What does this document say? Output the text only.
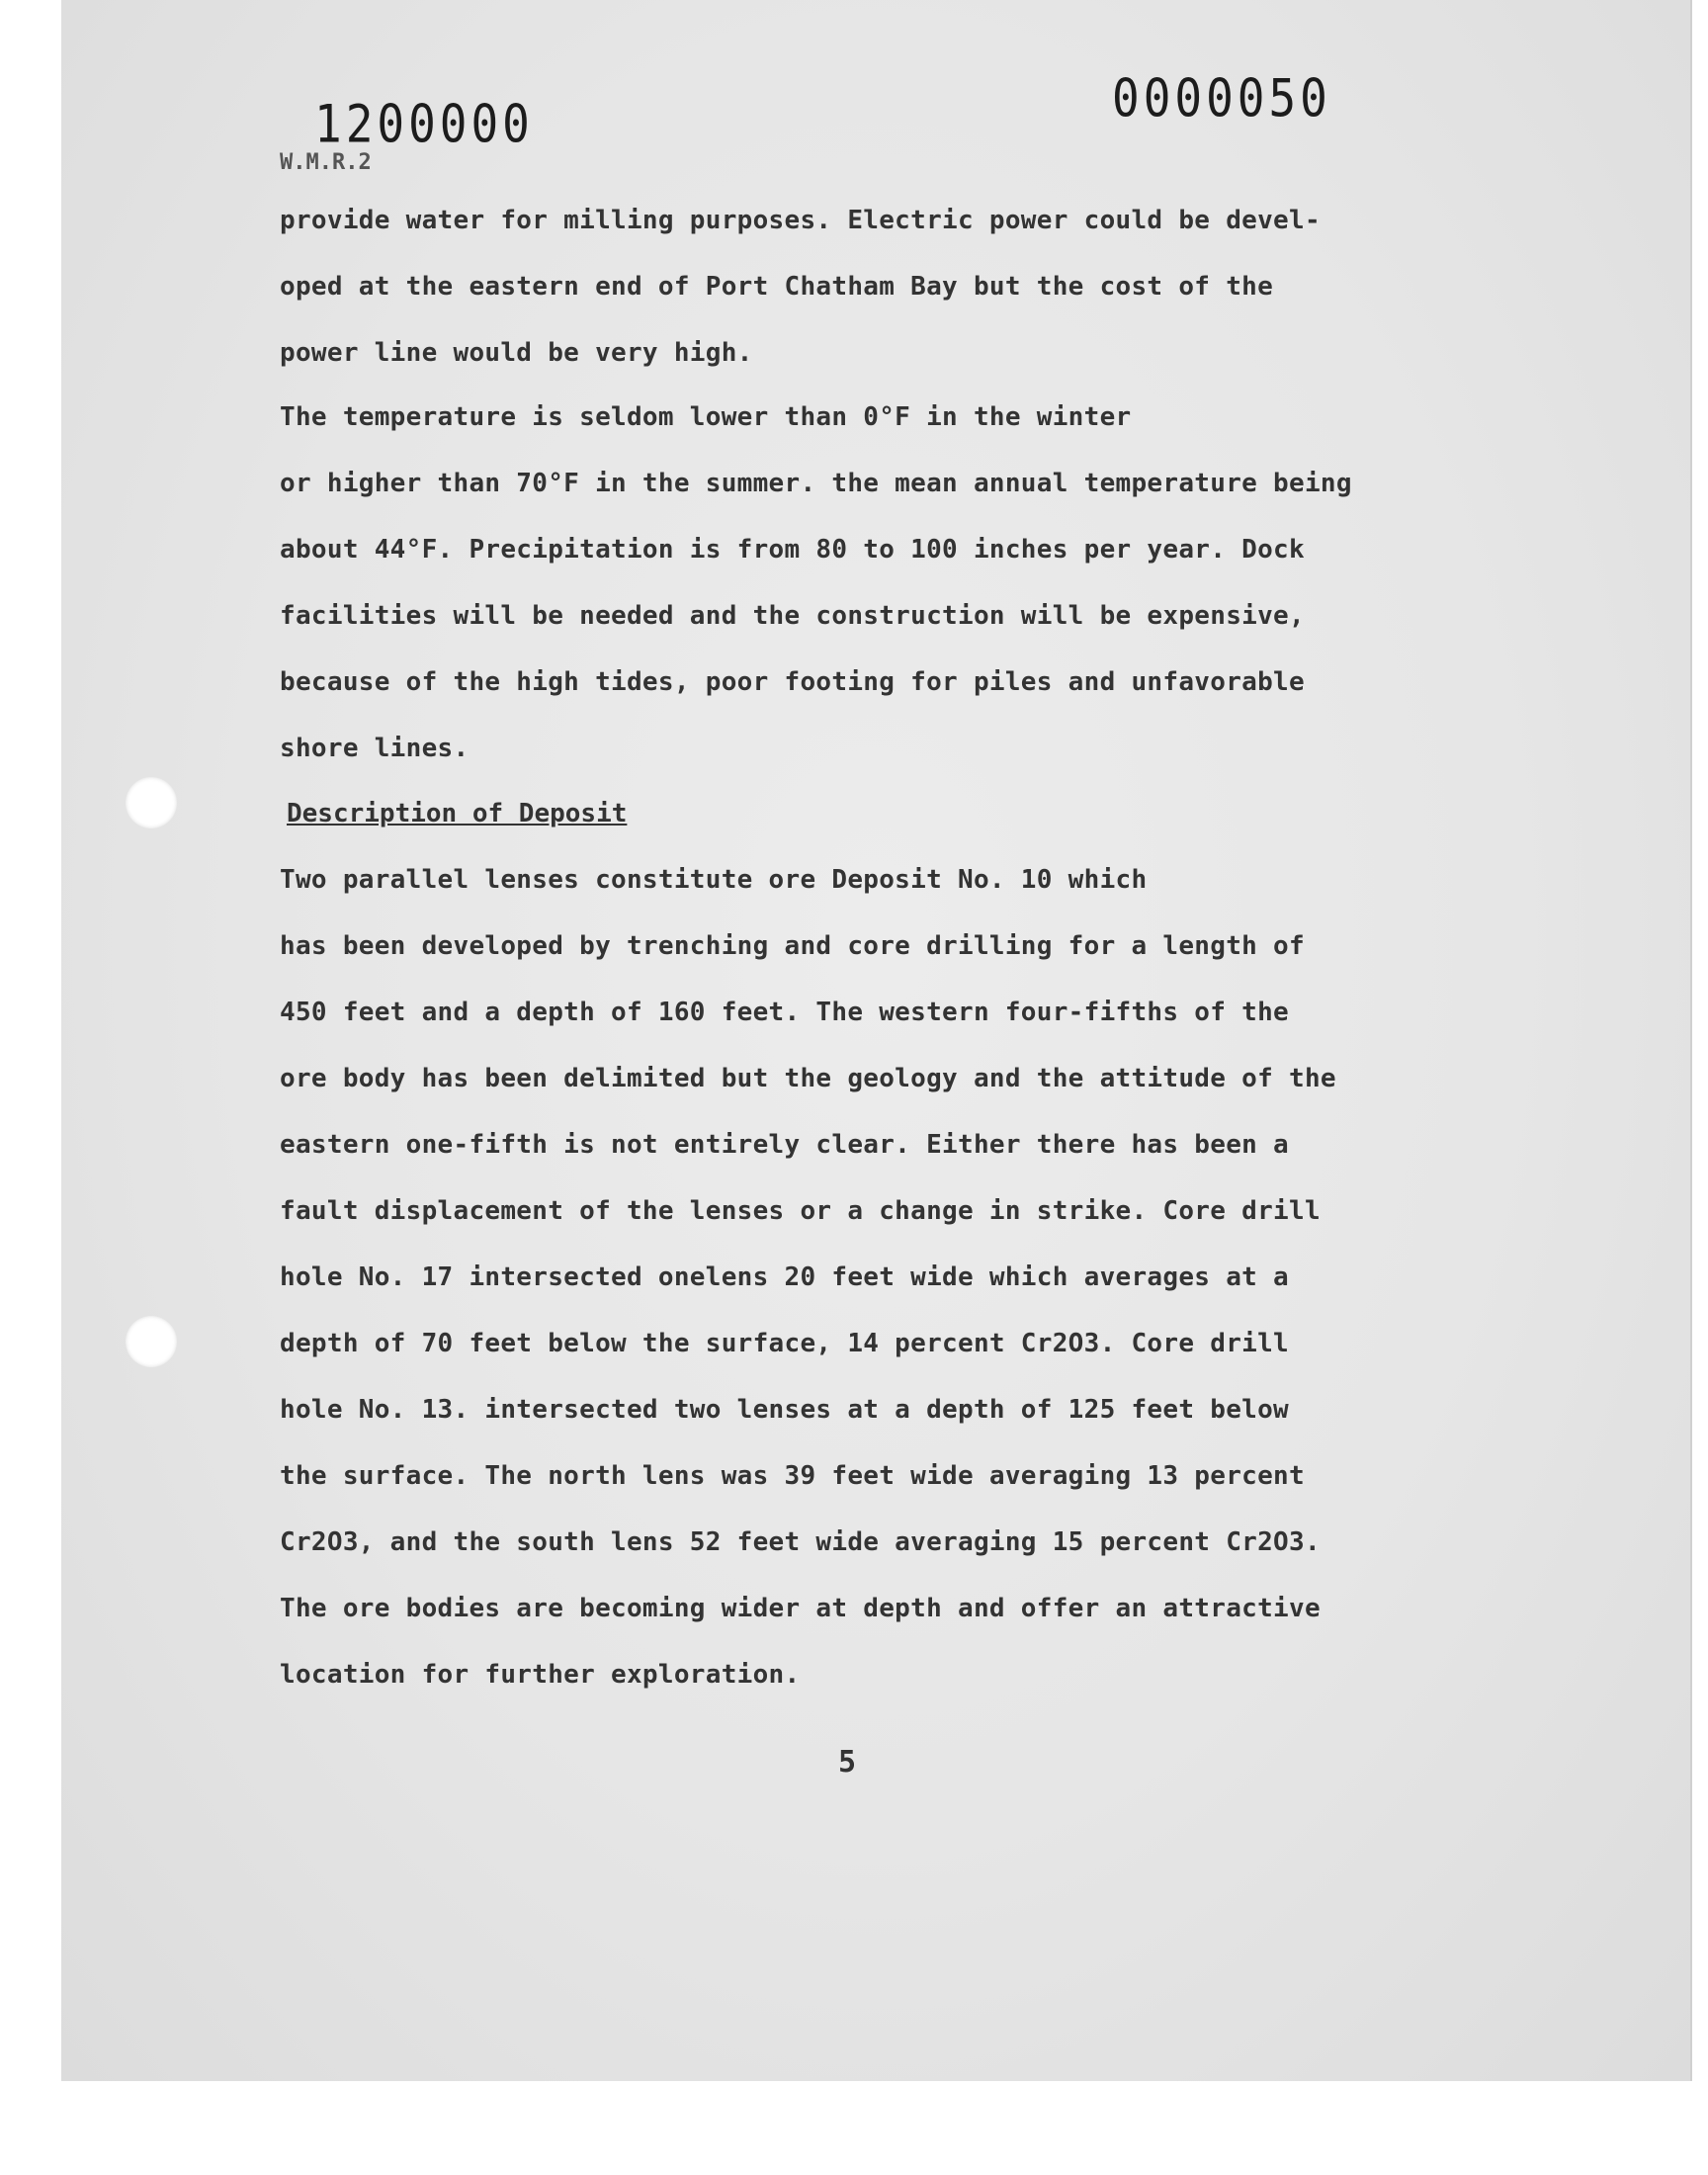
1200000	0000050
W.M.R.2
provide water for milling purposes. Electric power could be devel-
oped at the eastern end of Port Chatham Bay but the cost of the
power line would be very high.
The temperature is seldom lower than 0°F in the winter
or higher than 70°F in the summer. the mean annual temperature being
about 44°F. Precipitation is from 80 to 100 inches per year. Dock
facilities will be needed and the construction will be expensive,
because of the high tides, poor footing for piles and unfavorable
shore lines.
Description of Deposit
Two parallel lenses constitute ore Deposit No. 10 which
has been developed by trenching and core drilling for a length of
450 feet and a depth of 160 feet. The western four-fifths of the
ore body has been delimited but the geology and the attitude of the
eastern one-fifth is not entirely clear. Either there has been a
fault displacement of the lenses or a change in strike. Core drill
hole No. 17 intersected onelens 20 feet wide which averages at a
depth of 70 feet below the surface, 14 percent Cr2O3. Core drill
hole No. 13. intersected two lenses at a depth of 125 feet below
the surface. The north lens was 39 feet wide averaging 13 percent
Cr2O3, and the south lens 52 feet wide averaging 15 percent Cr2O3.
The ore bodies are becoming wider at depth and offer an attractive
location for further exploration.
5
